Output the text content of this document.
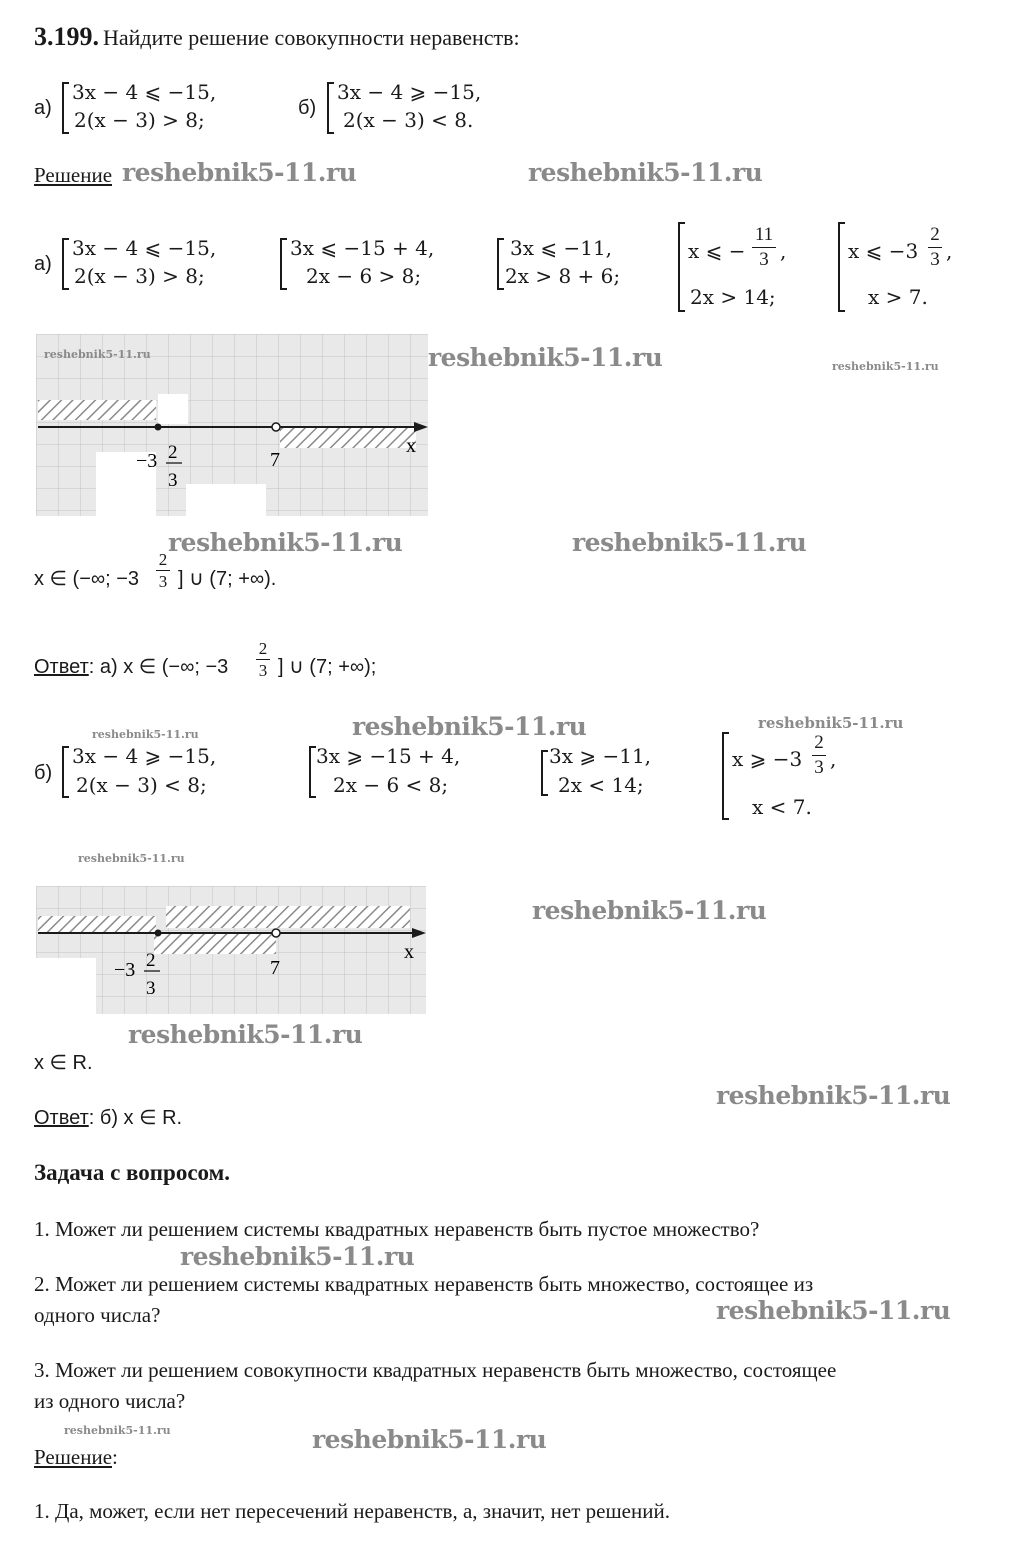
3.199. Найдите решение совокупности неравенств:
а)
3x − 4 ⩽ −15,
2(x − 3) > 8;	б)
3x − 4 ⩾ −15,
2(x − 3) < 8.
Решение
а)
3x − 4 ⩽ −15,
2(x − 3) > 8;
3x ⩽ −15 + 4,
2x − 6 > 8;
3x ⩽ −11,
2x > 8 + 6;
x ⩽ −
11
3 ,
2x > 14;
x ⩽ −3
2
3 ,
x > 7.
x
−3 2
3
7
reshebnik5-11.ru
x ∈ (−∞; −3
2
3 ] ∪ (7; +∞).
Ответ: а) x ∈ (−∞; −3
2
3 ] ∪ (7; +∞);
б)
3x − 4 ⩾ −15,
2(x − 3) < 8;
3x ⩾ −15 + 4,
2x − 6 < 8;
3x ⩾ −11,
2x < 14;
x ⩾ −3
2
3 ,
x < 7.
x
−3 2
3
7
x ∈ R.
Ответ: б) x ∈ R.
Задача с вопросом.
1. Может ли решением системы квадратных неравенств быть пустое множество?
2. Может ли решением системы квадратных неравенств быть множество, состоящее из
одного числа?
3. Может ли решением совокупности квадратных неравенств быть множество, состоящее
из одного числа?
Решение:
1. Да, может, если нет пересечений неравенств, а, значит, нет решений.
reshebnik5-11.ru	reshebnik5-11.ru
reshebnik5-11.ru	reshebnik5-11.ru
reshebnik5-11.ru	reshebnik5-11.ru
reshebnik5-11.ru	reshebnik5-11.ru	reshebnik5-11.ru
reshebnik5-11.ru
reshebnik5-11.ru
reshebnik5-11.ru
reshebnik5-11.ru
reshebnik5-11.ru
reshebnik5-11.ru
reshebnik5-11.ru	reshebnik5-11.ru
